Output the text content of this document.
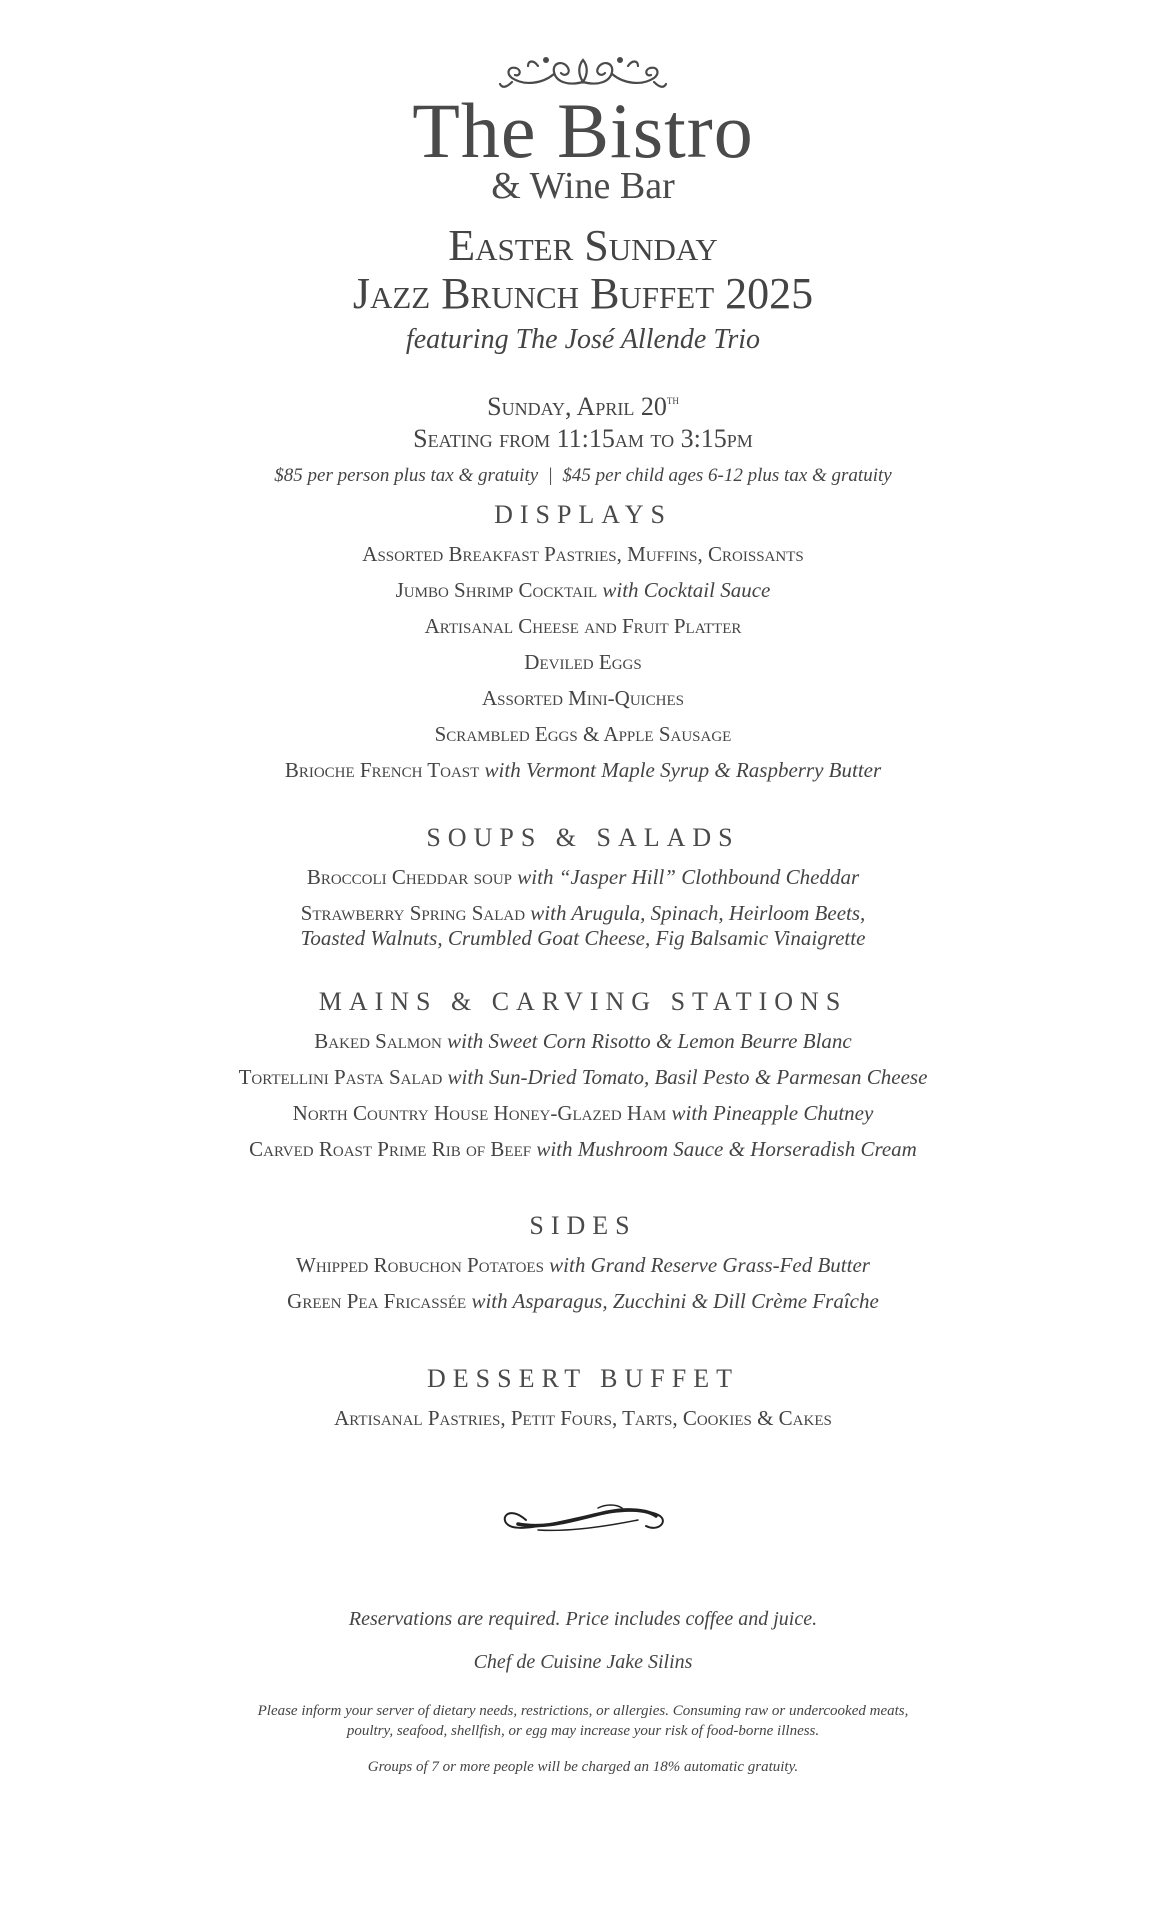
The Bistro
& Wine Bar
Easter Sunday
Jazz Brunch Buffet 2025
featuring The José Allende Trio
Sunday, April 20th
Seating from 11:15am to 3:15pm
$85 per person plus tax & gratuity  |  $45 per child ages 6-12 plus tax & gratuity
DISPLAYS
Assorted Breakfast Pastries, Muffins, Croissants
Jumbo Shrimp Cocktail with Cocktail Sauce
Artisanal Cheese and Fruit Platter
Deviled Eggs
Assorted Mini-Quiches
Scrambled Eggs & Apple Sausage
Brioche French Toast with Vermont Maple Syrup & Raspberry Butter
SOUPS & SALADS
Broccoli Cheddar soup with “Jasper Hill” Clothbound Cheddar
Strawberry Spring Salad with Arugula, Spinach, Heirloom Beets,
Toasted Walnuts, Crumbled Goat Cheese, Fig Balsamic Vinaigrette
MAINS & CARVING STATIONS
Baked Salmon with Sweet Corn Risotto & Lemon Beurre Blanc
Tortellini Pasta Salad with Sun-Dried Tomato, Basil Pesto & Parmesan Cheese
North Country House Honey-Glazed Ham with Pineapple Chutney
Carved Roast Prime Rib of Beef with Mushroom Sauce & Horseradish Cream
SIDES
Whipped Robuchon Potatoes with Grand Reserve Grass-Fed Butter
Green Pea Fricassée with Asparagus, Zucchini & Dill Crème Fraîche
DESSERT BUFFET
Artisanal Pastries, Petit Fours, Tarts, Cookies & Cakes
Reservations are required. Price includes coffee and juice.
Chef de Cuisine Jake Silins
Please inform your server of dietary needs, restrictions, or allergies. Consuming raw or undercooked meats,
poultry, seafood, shellfish, or egg may increase your risk of food-borne illness.
Groups of 7 or more people will be charged an 18% automatic gratuity.
